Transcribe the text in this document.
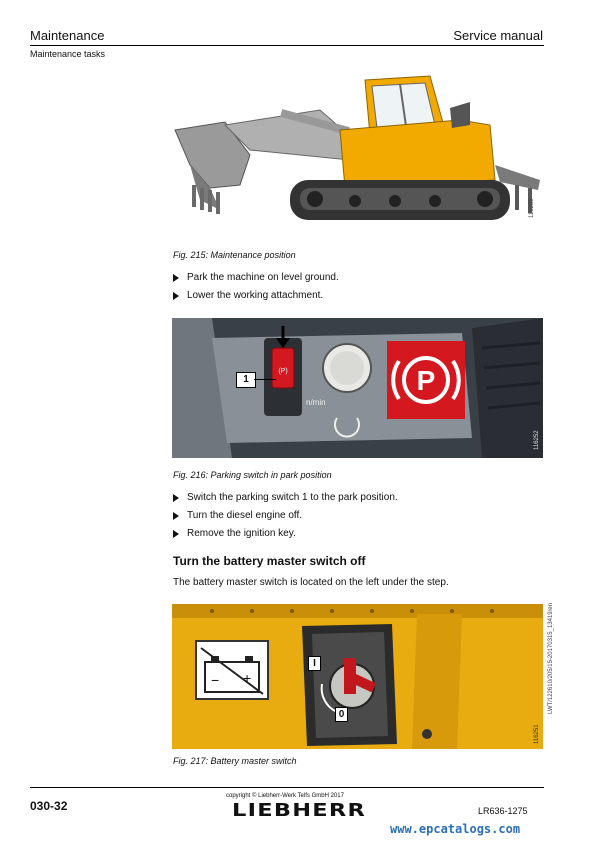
Maintenance	Service manual
Maintenance tasks
116289
Fig. 215: Maintenance position
Park the machine on level ground.
Lower the working attachment.
(P)
n/min
1	P
116252
Fig. 216: Parking switch in park position
Switch the parking switch 1 to the park position.
Turn the diesel engine off.
Remove the ignition key.
Turn the battery master switch off
The battery master switch is located on the left under the step.
− +
I
0
116251
Fig. 217: Battery master switch
LWT/122610/205/15-20170315_13419/en
030-32
copyright © Liebherr-Werk Telfs GmbH 2017
LIEBHERR	LR636-1275
www.epcatalogs.com
